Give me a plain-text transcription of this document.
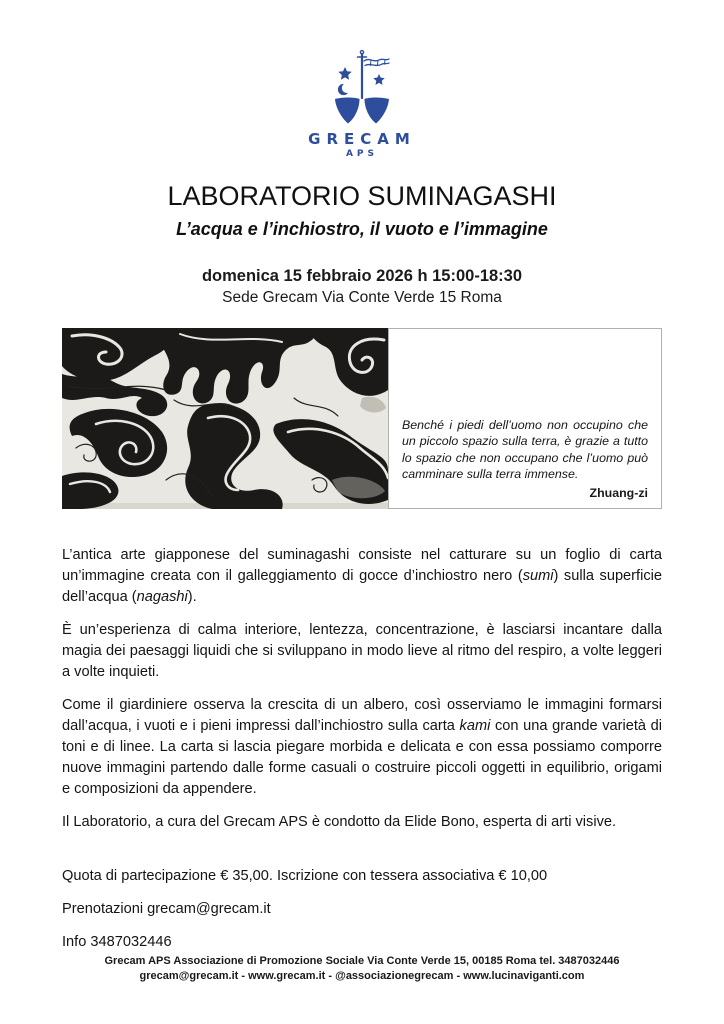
GRECAM
APS
LABORATORIO SUMINAGASHI
L’acqua e l’inchiostro, il vuoto e l’immagine
domenica 15 febbraio 2026 h 15:00-18:30
Sede Grecam Via Conte Verde 15 Roma
Benché i piedi dell’uomo non occupino che un piccolo spazio sulla terra, è grazie a tutto lo spazio che non occupano che l’uomo può camminare sulla terra immense.
Zhuang-zi

L’antica arte giapponese del suminagashi consiste nel catturare su un foglio di carta un’immagine creata con il galleggiamento di gocce d’inchiostro nero (sumi) sulla superficie dell’acqua (nagashi).

È un’esperienza di calma interiore, lentezza, concentrazione, è lasciarsi incantare dalla magia dei paesaggi liquidi che si sviluppano in modo lieve al ritmo del respiro, a volte leggeri a volte inquieti.

Come il giardiniere osserva la crescita di un albero, così osserviamo le immagini formarsi dall’acqua, i vuoti e i pieni impressi dall’inchiostro sulla carta kami con una grande varietà di toni e di linee. La carta si lascia piegare morbida e delicata e con essa possiamo comporre nuove immagini partendo dalle forme casuali o costruire piccoli oggetti in equilibrio, origami e composizioni da appendere.

Il Laboratorio, a cura del Grecam APS è condotto da Elide Bono, esperta di arti visive.

Quota di partecipazione € 35,00. Iscrizione con tessera associativa € 10,00

Prenotazioni grecam@grecam.it

Info 3487032446

Grecam APS Associazione di Promozione Sociale Via Conte Verde 15, 00185 Roma tel. 3487032446
grecam@grecam.it - www.grecam.it - @associazionegrecam - www.lucinaviganti.com
